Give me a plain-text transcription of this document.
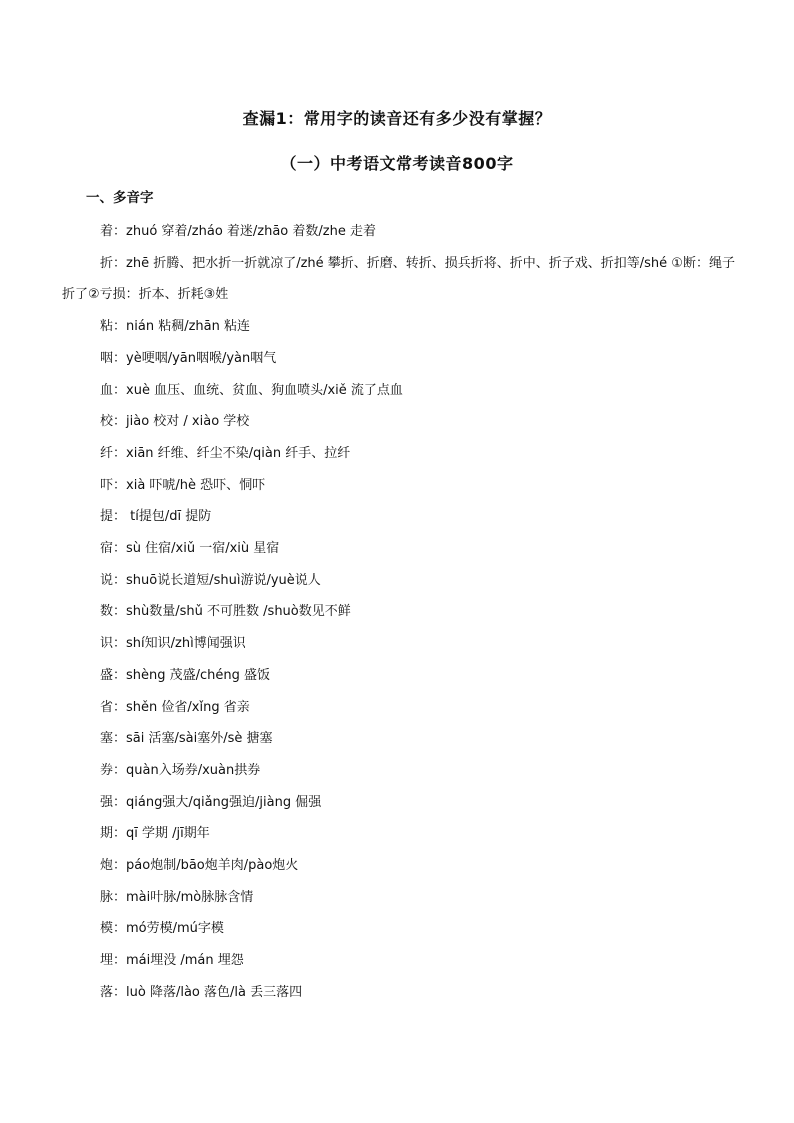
查漏1：常用字的读音还有多少没有掌握？
（一）中考语文常考读音800字
一、多音字
着：zhuó 穿着/zháo 着迷/zhāo 着数/zhe 走着
折：zhē 折腾、把水折一折就凉了/zhé 攀折、折磨、转折、损兵折将、折中、折子戏、折扣等/shé ①断：绳子折了②亏损：折本、折耗③姓
粘：nián 粘稠/zhān 粘连
咽：yè哽咽/yān咽喉/yàn咽气
血：xuè 血压、血统、贫血、狗血喷头/xiě 流了点血
校：jiào 校对 / xiào 学校
纤：xiān 纤维、纤尘不染/qiàn 纤手、拉纤
吓：xià 吓唬/hè 恐吓、恫吓
提： tí提包/dī 提防
宿：sù 住宿/xiǔ 一宿/xiù 星宿
说：shuō说长道短/shuì游说/yuè说人
数：shù数量/shǔ 不可胜数 /shuò数见不鲜
识：shí知识/zhì博闻强识
盛：shèng 茂盛/chéng 盛饭
省：shěn 俭省/xǐng 省亲
塞：sāi 活塞/sài塞外/sè 搪塞
券：quàn入场券/xuàn拱券
强：qiáng强大/qiǎng强迫/jiàng 倔强
期：qī 学期 /jī期年
炮：páo炮制/bāo炮羊肉/pào炮火
脉：mài叶脉/mò脉脉含情
模：mó劳模/mú字模
埋：mái埋没 /mán 埋怨
落：luò 降落/lào 落色/là 丢三落四
